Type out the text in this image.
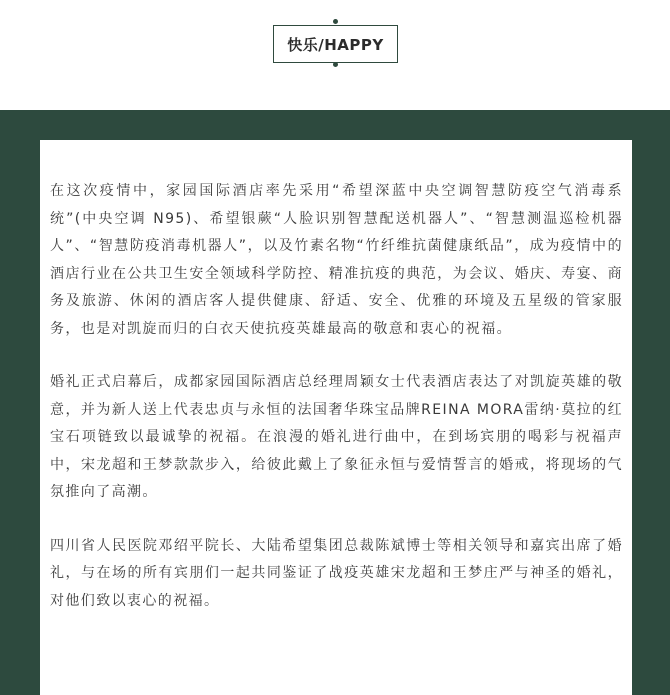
快乐/HAPPY

在这次疫情中，家园国际酒店率先采用“希望深蓝中央空调智慧防疫空气消毒系统”(中央空调 N95)、希望银蕨“人脸识别智慧配送机器人”、“智慧测温巡检机器人”、“智慧防疫消毒机器人”，以及竹素名物“竹纤维抗菌健康纸品”，成为疫情中的酒店行业在公共卫生安全领域科学防控、精准抗疫的典范，为会议、婚庆、寿宴、商务及旅游、休闲的酒店客人提供健康、舒适、安全、优雅的环境及五星级的管家服务，也是对凯旋而归的白衣天使抗疫英雄最高的敬意和衷心的祝福。

婚礼正式启幕后，成都家园国际酒店总经理周颖女士代表酒店表达了对凯旋英雄的敬意，并为新人送上代表忠贞与永恒的法国奢华珠宝品牌REINA MORA雷纳·莫拉的红宝石项链致以最诚挚的祝福。在浪漫的婚礼进行曲中，在到场宾朋的喝彩与祝福声中，宋龙超和王梦款款步入，给彼此戴上了象征永恒与爱情誓言的婚戒，将现场的气氛推向了高潮。

四川省人民医院邓绍平院长、大陆希望集团总裁陈斌博士等相关领导和嘉宾出席了婚礼，与在场的所有宾朋们一起共同鉴证了战疫英雄宋龙超和王梦庄严与神圣的婚礼，对他们致以衷心的祝福。
